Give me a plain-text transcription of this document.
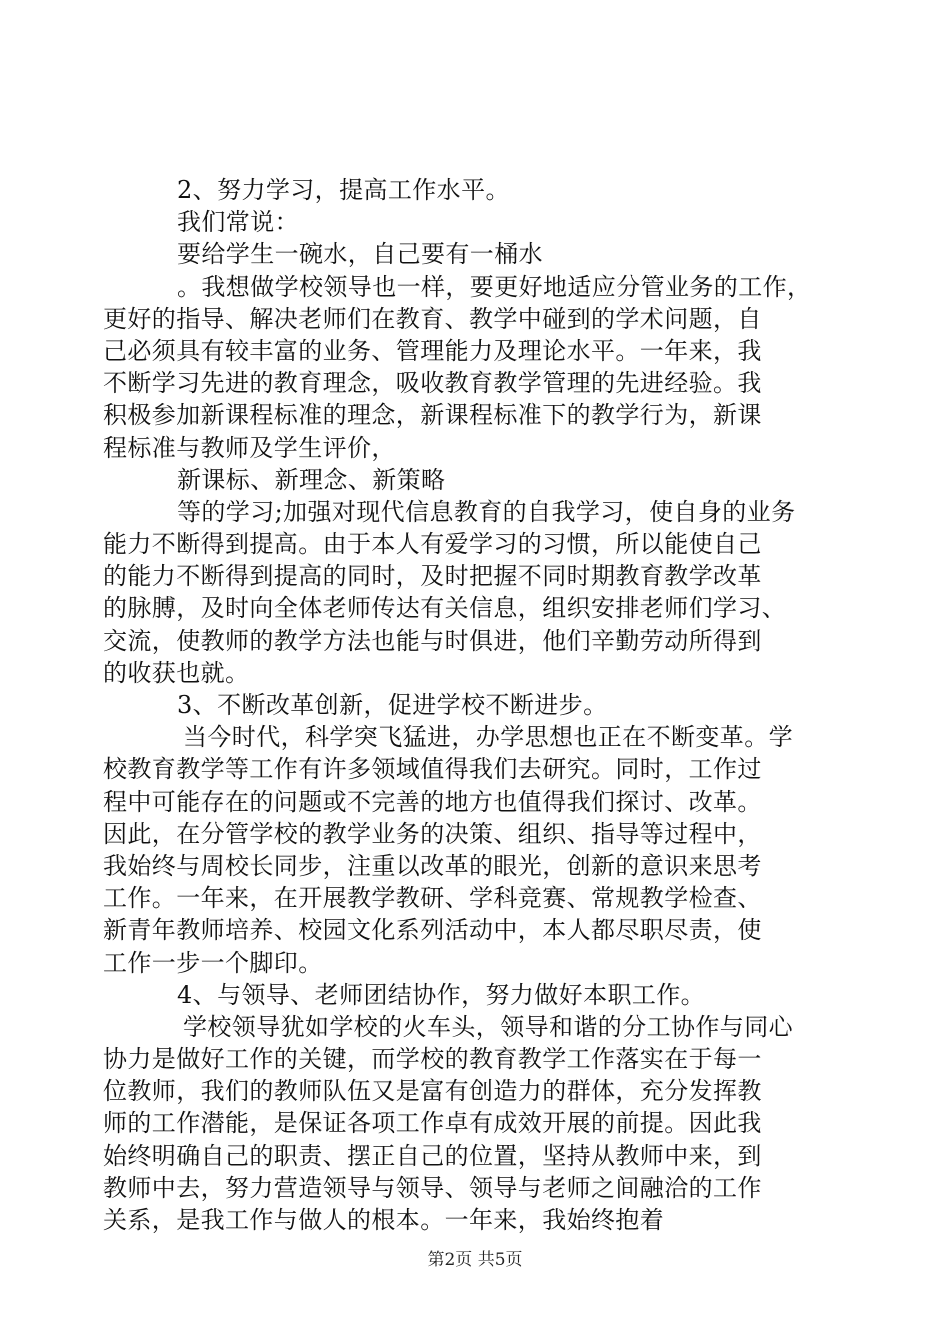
2、努力学习，提高工作水平。
我们常说：
要给学生一碗水，自己要有一桶水
。我想做学校领导也一样，要更好地适应分管业务的工作，
更好的指导、解决老师们在教育、教学中碰到的学术问题，自
己必须具有较丰富的业务、管理能力及理论水平。一年来，我
不断学习先进的教育理念，吸收教育教学管理的先进经验。我
积极参加新课程标准的理念，新课程标准下的教学行为，新课
程标准与教师及学生评价，
新课标、新理念、新策略
等的学习;加强对现代信息教育的自我学习，使自身的业务
能力不断得到提高。由于本人有爱学习的习惯，所以能使自己
的能力不断得到提高的同时，及时把握不同时期教育教学改革
的脉膊，及时向全体老师传达有关信息，组织安排老师们学习、
交流，使教师的教学方法也能与时俱进，他们辛勤劳动所得到
的收获也就。
3、不断改革创新，促进学校不断进步。
当今时代，科学突飞猛进，办学思想也正在不断变革。学
校教育教学等工作有许多领域值得我们去研究。同时，工作过
程中可能存在的问题或不完善的地方也值得我们探讨、改革。
因此，在分管学校的教学业务的决策、组织、指导等过程中，
我始终与周校长同步，注重以改革的眼光，创新的意识来思考
工作。一年来，在开展教学教研、学科竞赛、常规教学检查、
新青年教师培养、校园文化系列活动中，本人都尽职尽责，使
工作一步一个脚印。
4、与领导、老师团结协作，努力做好本职工作。
学校领导犹如学校的火车头，领导和谐的分工协作与同心
协力是做好工作的关键，而学校的教育教学工作落实在于每一
位教师，我们的教师队伍又是富有创造力的群体，充分发挥教
师的工作潜能，是保证各项工作卓有成效开展的前提。因此我
始终明确自己的职责、摆正自己的位置，坚持从教师中来，到
教师中去，努力营造领导与领导、领导与老师之间融洽的工作
关系，是我工作与做人的根本。一年来，我始终抱着
第2页 共5页
